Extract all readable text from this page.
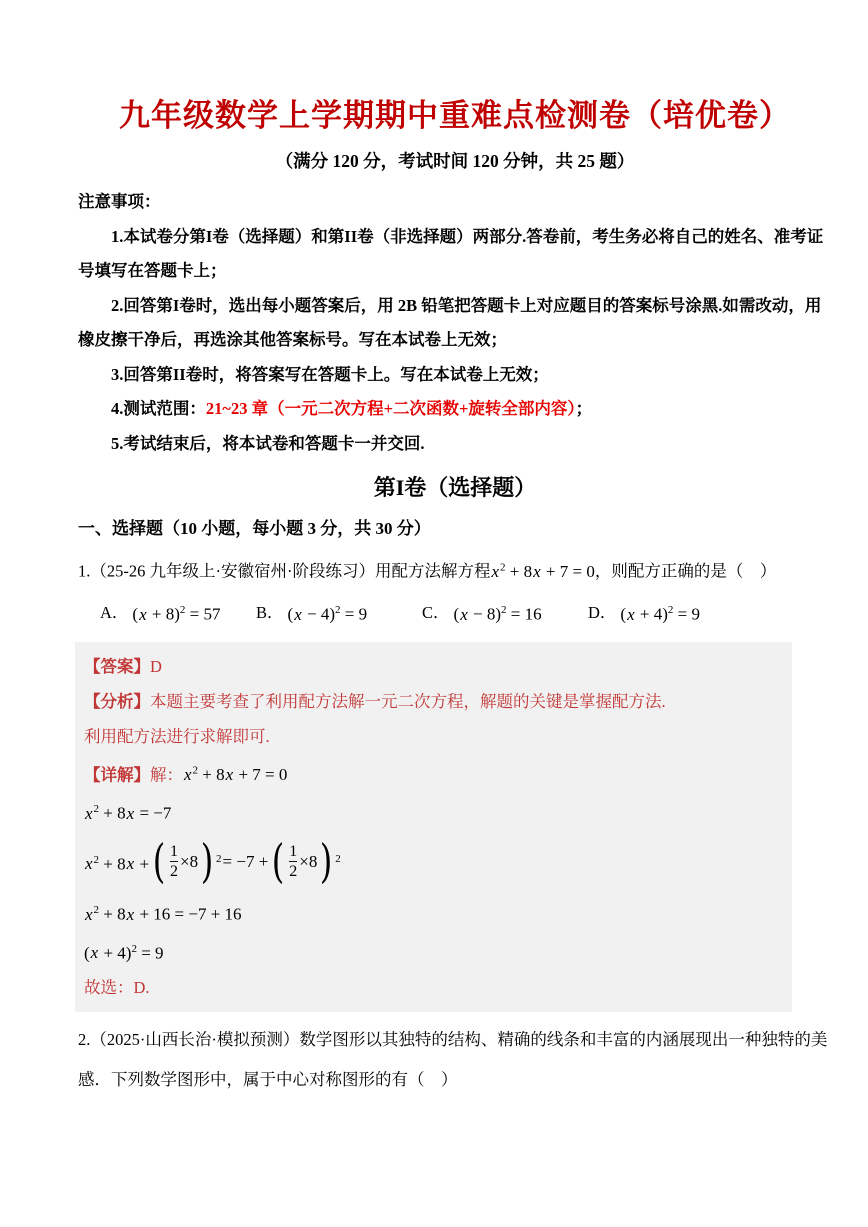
九年级数学上学期期中重难点检测卷（培优卷）
（满分 120 分，考试时间 120 分钟，共 25 题）

注意事项：

1.本试卷分第I卷（选择题）和第II卷（非选择题）两部分.答卷前，考生务必将自己的姓名、准考证号填写在答题卡上；

2.回答第I卷时，选出每小题答案后，用 2B 铅笔把答题卡上对应题目的答案标号涂黑.如需改动，用橡皮擦干净后，再选涂其他答案标号。写在本试卷上无效；

3.回答第II卷时，将答案写在答题卡上。写在本试卷上无效；

4.测试范围：21~23 章（一元二次方程+二次函数+旋转全部内容）；

5.考试结束后，将本试卷和答题卡一并交回.

第I卷（选择题）
一、选择题（10 小题，每小题 3 分，共 30 分）

1.（25-26 九年级上·安徽宿州·阶段练习）用配方法解方程$x^2 + 8x + 7 = 0$，则配方正确的是（　）

A． $(x + 8)^2 = 57$ B． $(x - 4)^2 = 9$	C． $(x - 8)^2 = 16$	D． $(x + 4)^2 = 9$

【答案】D

【分析】本题主要考查了利用配方法解一元二次方程，解题的关键是掌握配方法.

利用配方法进行求解即可.

【详解】解：$x^2 + 8x + 7 = 0$

$x^2 + 8x = -7$

$x^2 + 8x$ + ( $\frac{1}{2} \times 8$ ) 2 = −7 + ( $\frac{1}{2} \times 8$ ) 2

$x^2 + 8x + 16 = -7 + 16$

$(x + 4)^2 = 9$

故选：D.

2.（2025·山西长治·模拟预测）数学图形以其独特的结构、精确的线条和丰富的内涵展现出一种独特的美感．下列数学图形中，属于中心对称图形的有（　）
